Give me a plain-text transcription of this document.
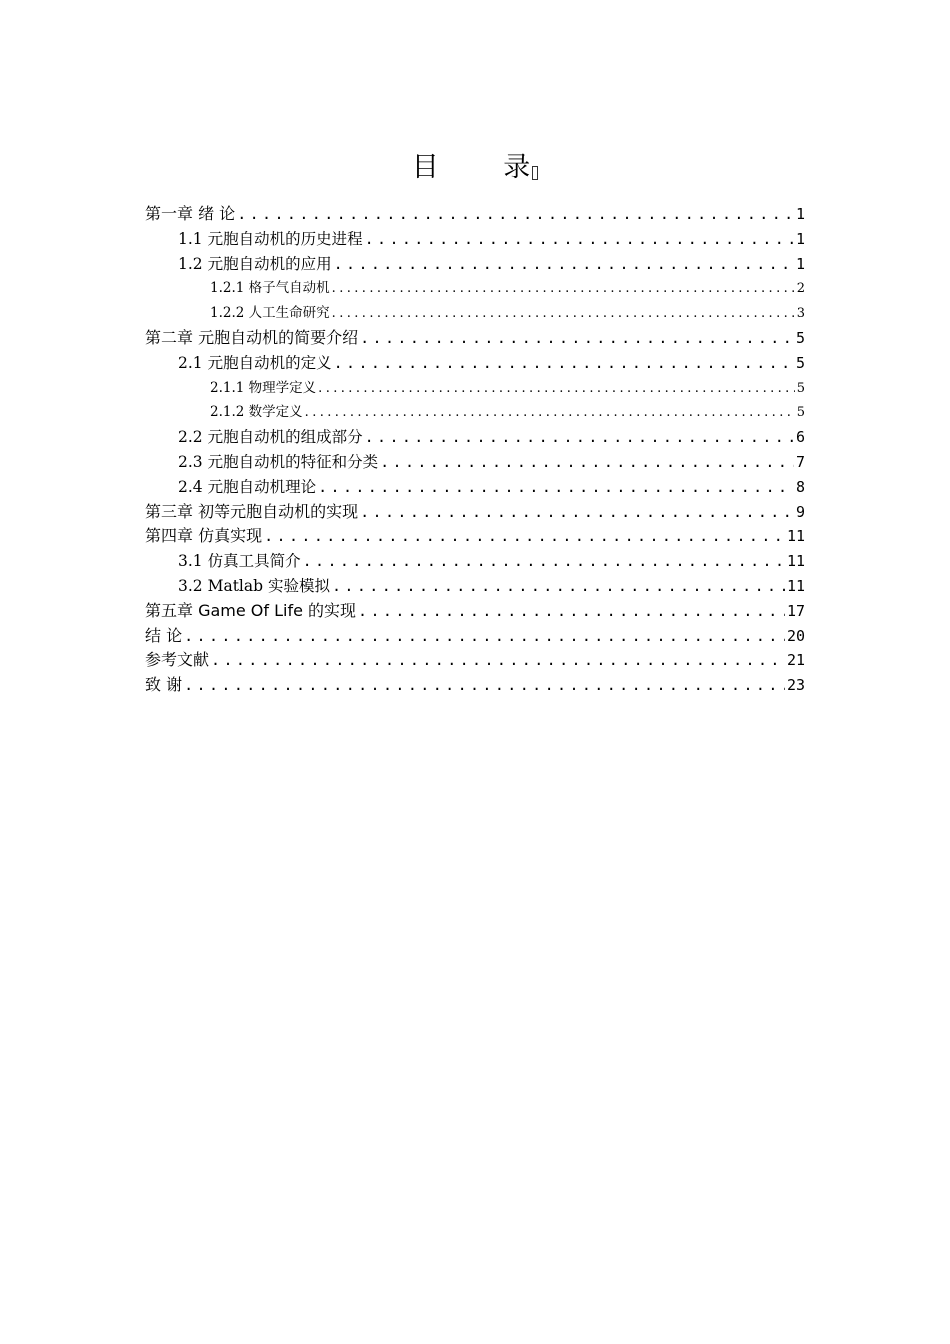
目 录
第一章 绪 论 .....	1
1.1 元胞自动机的历史进程 .....	1
1.2 元胞自动机的应用 .....	1
1.2.1 格子气自动机 .....	2
1.2.2 人工生命研究 .....	3
第二章 元胞自动机的简要介绍 .....	5
2.1 元胞自动机的定义 .....	5
2.1.1 物理学定义 .....	5
2.1.2 数学定义 .....	5
2.2 元胞自动机的组成部分 .....	6
2.3 元胞自动机的特征和分类 .....	7
2.4 元胞自动机理论 .....	8
第三章 初等元胞自动机的实现 .....	9
第四章 仿真实现 .....	11
3.1 仿真工具简介 .....	11
3.2 Matlab 实验模拟 .....	11
第五章 Game Of Life 的实现 .....	17
结 论 .....	20
参考文献 .....	21
致 谢 .....	23
